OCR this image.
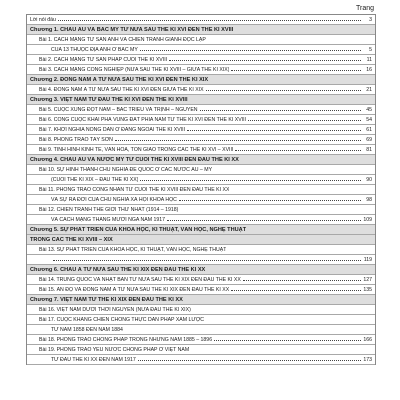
Trang
Lời nói đầu	3
Chương 1. CHÂU ÂU VÀ BẮC MỸ TỪ NỬA SAU THẾ KỈ XVI ĐẾN THẾ KỈ XVIII
Bài 1. CÁCH MẠNG TƯ SẢN ANH VÀ CHIẾN TRANH GIÀNH ĐỘC LẬP
CỦA 13 THUỘC ĐỊA ANH Ở BẮC MỸ	5
Bài 2. CÁCH MẠNG TƯ SẢN PHÁP CUỐI THẾ KỈ XVIII	11
Bài 3. CÁCH MẠNG CÔNG NGHIỆP (NỬA SAU THẾ KỈ XVIII – GIỮA THẾ KỈ XIX)	16
Chương 2. ĐÔNG NAM Á TỪ NỬA SAU THẾ KỈ XVI ĐẾN THẾ KỈ XIX
Bài 4. ĐÔNG NAM Á TỪ NỬA SAU THẾ KỈ XVI ĐẾN GIỮA THẾ KỈ XIX	21
Chương 3. VIỆT NAM TỪ ĐẦU THẾ KỈ XVI ĐẾN THẾ KỈ XVIII
Bài 5. CUỘC XUNG ĐỘT NAM – BẮC TRIỀU VÀ TRỊNH – NGUYỄN	45
Bài 6. CÔNG CUỘC KHAI PHÁ VÙNG ĐẤT PHÍA NAM TỪ THẾ KỈ XVI ĐẾN THẾ KỈ XVIII	54
Bài 7. KHỞI NGHĨA NÔNG DÂN Ở ĐÀNG NGOÀI THẾ KỈ XVIII	61
Bài 8. PHONG TRÀO TÂY SƠN	69
Bài 9. TÌNH HÌNH KINH TẾ, VĂN HOÁ, TÔN GIÁO TRONG CÁC THẾ KỈ XVI – XVIII	81
Chương 4. CHÂU ÂU VÀ NƯỚC MỸ TỪ CUỐI THẾ KỈ XVIII ĐẾN ĐẦU THẾ KỈ XX
Bài 10. SỰ HÌNH THÀNH CHỦ NGHĨA ĐẾ QUỐC Ở CÁC NƯỚC ÂU – MỸ
(CUỐI THẾ KỈ XIX – ĐẦU THẾ KỈ XX)	90
Bài 11. PHONG TRÀO CÔNG NHÂN TỪ CUỐI THẾ KỈ XVIII ĐẾN ĐẦU THẾ KỈ XX
VÀ SỰ RA ĐỜI CỦA CHỦ NGHĨA XÃ HỘI KHOA HỌC	98
Bài 12. CHIẾN TRANH THẾ GIỚI THỨ NHẤT (1914 – 1918)
VÀ CÁCH MẠNG THÁNG MƯỜI NGA NĂM 1917	109
Chương 5. SỰ PHÁT TRIỂN CỦA KHOA HỌC, KĨ THUẬT, VĂN HỌC, NGHỆ THUẬT
TRONG CÁC THẾ KỈ XVIII – XIX
Bài 13. SỰ PHÁT TRIỂN CỦA KHOA HỌC, KĨ THUẬT, VĂN HỌC, NGHỆ THUẬT
119
Chương 6. CHÂU Á TỪ NỬA SAU THẾ KỈ XIX ĐẾN ĐẦU THẾ KỈ XX
Bài 14. TRUNG QUỐC VÀ NHẬT BẢN TỪ NỬA SAU THẾ KỈ XIX ĐẾN ĐẦU THẾ KỈ XX	127
Bài 15. ẤN ĐỘ VÀ ĐÔNG NAM Á TỪ NỬA SAU THẾ KỈ XIX ĐẾN ĐẦU THẾ KỈ XX	135
Chương 7. VIỆT NAM TỪ THẾ KỈ XIX ĐẾN ĐẦU THẾ KỈ XX
Bài 16. VIỆT NAM DƯỚI THỜI NGUYỄN (NỬA ĐẦU THẾ KỈ XIX)
Bài 17. CUỘC KHÁNG CHIẾN CHỐNG THỰC DÂN PHÁP XÂM LƯỢC
TỪ NĂM 1858 ĐẾN NĂM 1884
Bài 18. PHONG TRÀO CHỐNG PHÁP TRONG NHỮNG NĂM 1885 – 1896	166
Bài 19. PHONG TRÀO YÊU NƯỚC CHỐNG PHÁP Ở VIỆT NAM
TỪ ĐẦU THẾ KỈ XX ĐẾN NĂM 1917	173
